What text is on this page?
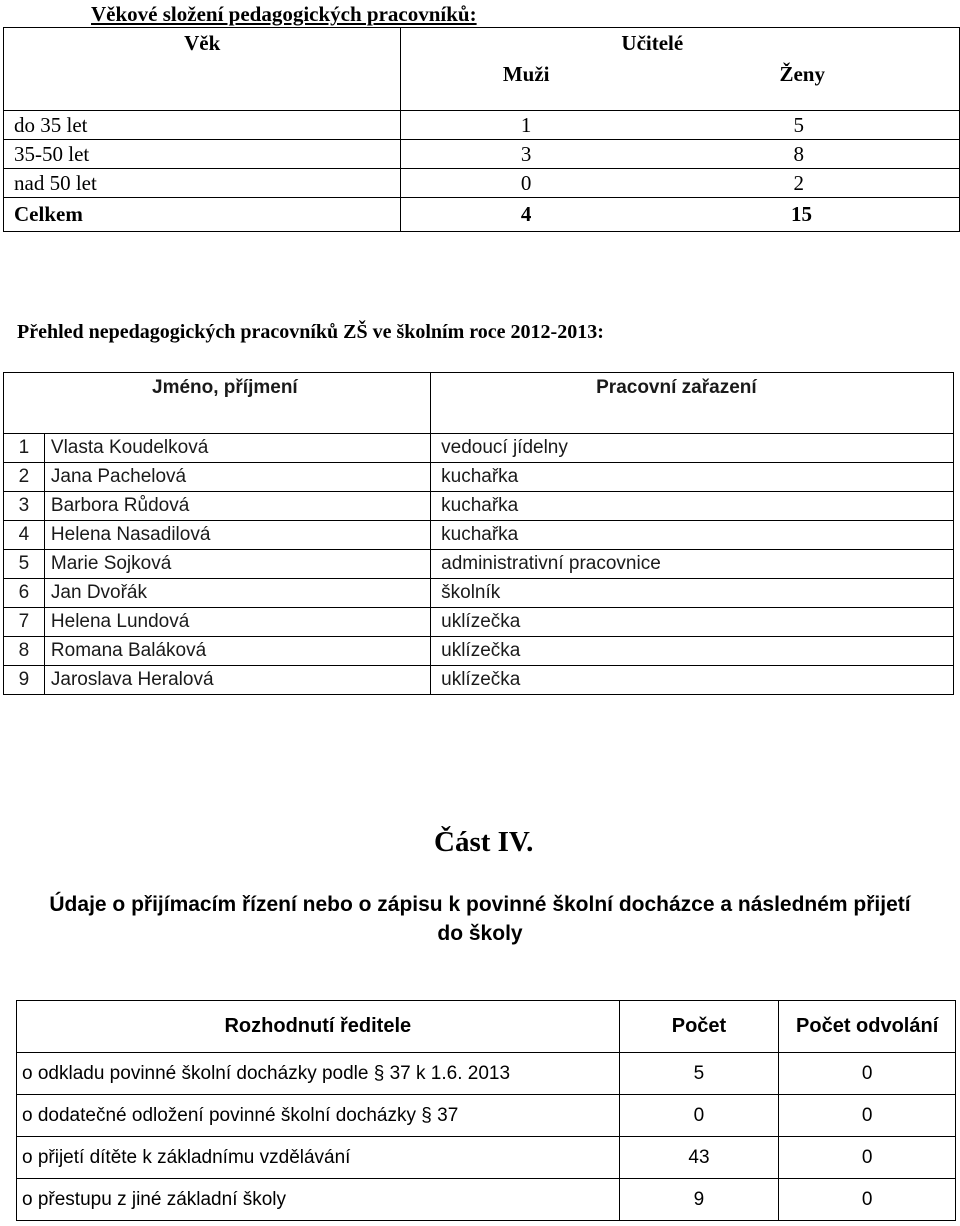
Věkové složení pedagogických pracovníků:
Věk	Učitelé	
	Muži	Ženy

do 35 let	1	5
35-50 let	3	8
nad 50 let	0	2
Celkem	4	15
Přehled nepedagogických pracovníků ZŠ ve školním roce 2012-2013:
Jméno, příjmení		Pracovní zařazení
1	Vlasta Koudelková	vedoucí jídelny
2	Jana Pachelová	kuchařka
3	Barbora Růdová	kuchařka
4	Helena Nasadilová	kuchařka
5	Marie Sojková	administrativní pracovnice
6	Jan Dvořák	školník
7	Helena Lundová	uklízečka
8	Romana Baláková	uklízečka
9	Jaroslava Heralová	uklízečka
Část IV.
Údaje o přijímacím řízení nebo o zápisu k povinné školní docházce a následném přijetí
do školy
Rozhodnutí ředitele	Počet	Počet odvolání
o odkladu povinné školní docházky podle § 37 k 1.6. 2013	5	0
o dodatečné odložení povinné školní docházky § 37	0	0
o přijetí dítěte k základnímu vzdělávání	43	0
o přestupu z jiné základní školy	9	0
